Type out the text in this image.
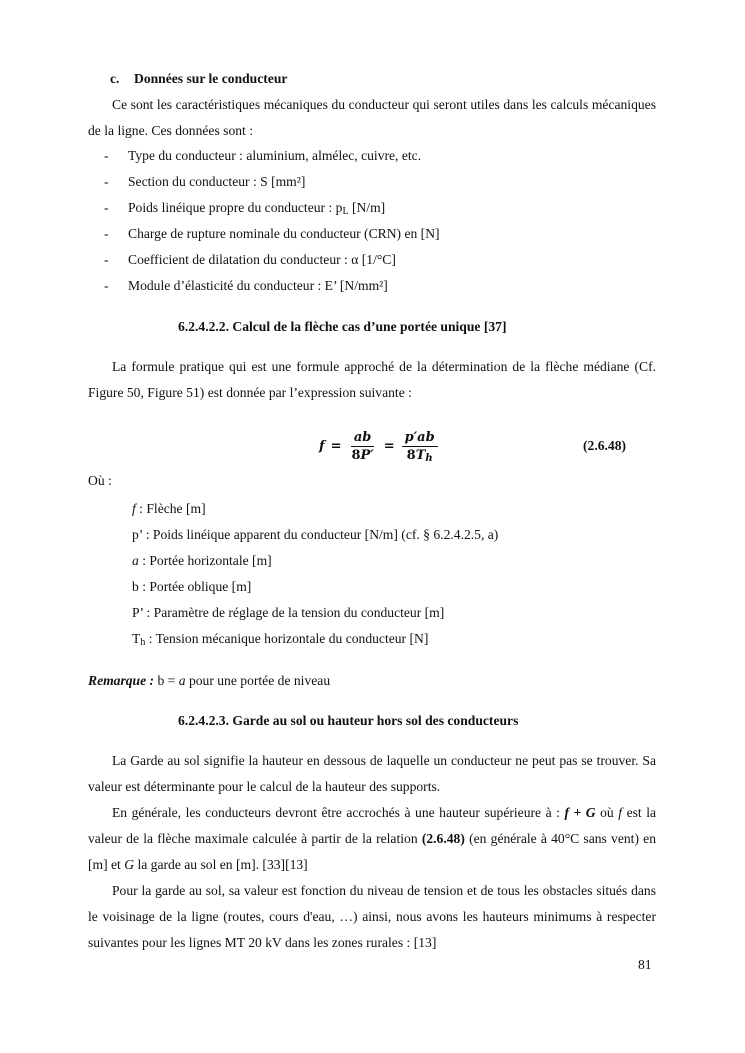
c. Données sur le conducteur
Ce sont les caractéristiques mécaniques du conducteur qui seront utiles dans les calculs mécaniques de la ligne. Ces données sont :
- Type du conducteur : aluminium, almélec, cuivre, etc.
- Section du conducteur : S [mm²]
- Poids linéique propre du conducteur : $p_L$ [N/m]
- Charge de rupture nominale du conducteur (CRN) en [N]
- Coefficient de dilatation du conducteur : α [1/°C]
- Module d’élasticité du conducteur : E’ [N/mm²]
6.2.4.2.2. Calcul de la flèche cas d’une portée unique [37]
La formule pratique qui est une formule approché de la détermination de la flèche médiane (Cf. Figure 50, Figure 51) est donnée par l’expression suivante :
$f = \frac{ab}{8P'} = \frac{p'ab}{8T_h}$	(2.6.48)
Où :
f : Flèche [m]
p’ : Poids linéique apparent du conducteur [N/m] (cf. § 6.2.4.2.5, a)
a : Portée horizontale [m]
b : Portée oblique [m]
P’ : Paramètre de réglage de la tension du conducteur [m]
$T_h$ : Tension mécanique horizontale du conducteur [N]
Remarque : b = a pour une portée de niveau
6.2.4.2.3. Garde au sol ou hauteur hors sol des conducteurs
La Garde au sol signifie la hauteur en dessous de laquelle un conducteur ne peut pas se trouver. Sa valeur est déterminante pour le calcul de la hauteur des supports.
En générale, les conducteurs devront être accrochés à une hauteur supérieure à : f + G où f est la valeur de la flèche maximale calculée à partir de la relation (2.6.48) (en générale à 40°C sans vent) en [m] et G la garde au sol en [m]. [33][13]
Pour la garde au sol, sa valeur est fonction du niveau de tension et de tous les obstacles situés dans le voisinage de la ligne (routes, cours d'eau, …) ainsi, nous avons les hauteurs minimums à respecter suivantes pour les lignes MT 20 kV dans les zones rurales : [13]
81
